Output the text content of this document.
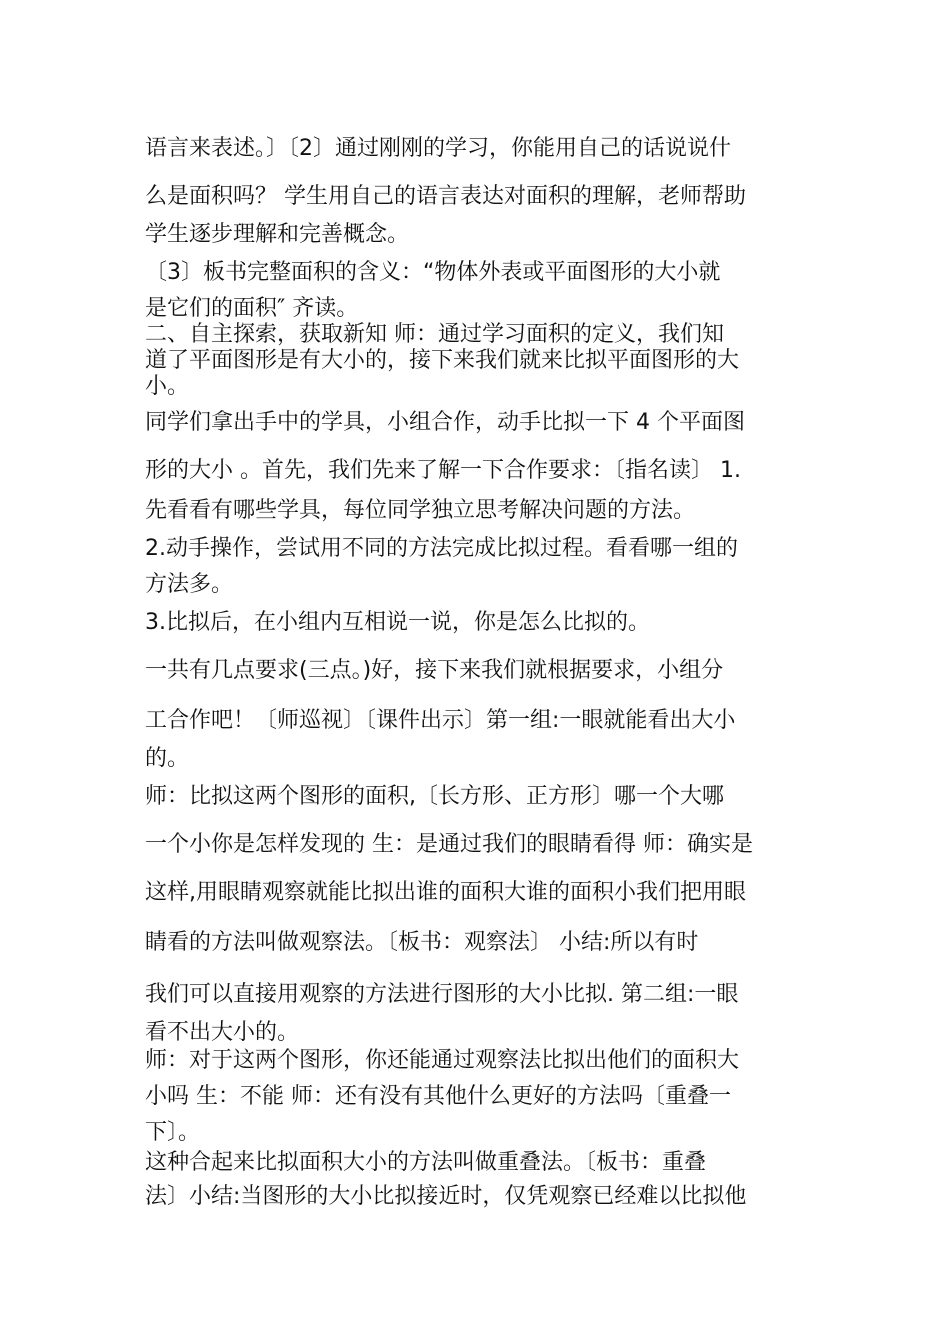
语言来表述。〕〔2〕通过刚刚的学习，你能用自己的话说说什

么是面积吗？ 学生用自己的语言表达对面积的理解，老师帮助

学生逐步理解和完善概念。

〔3〕板书完整面积的含义：“物体外表或平面图形的大小就

是它们的面积″ 齐读。

二、自主探索，获取新知 师：通过学习面积的定义，我们知

道了平面图形是有大小的，接下来我们就来比拟平面图形的大

小。

同学们拿出手中的学具，小组合作，动手比拟一下 4 个平面图

形的大小 。首先，我们先来了解一下合作要求：〔指名读〕 1.

先看看有哪些学具，每位同学独立思考解决问题的方法。

2.动手操作，尝试用不同的方法完成比拟过程。看看哪一组的

方法多。

3.比拟后，在小组内互相说一说，你是怎么比拟的。

一共有几点要求(三点。)好，接下来我们就根据要求，小组分

工合作吧！〔师巡视〕〔课件出示〕第一组:一眼就能看出大小

的。

师：比拟这两个图形的面积,〔长方形、正方形〕哪一个大哪

一个小你是怎样发现的 生：是通过我们的眼睛看得 师：确实是

这样,用眼睛观察就能比拟出谁的面积大谁的面积小我们把用眼

睛看的方法叫做观察法。〔板书：观察法〕 小结:所以有时

我们可以直接用观察的方法进行图形的大小比拟. 第二组:一眼

看不出大小的。

师：对于这两个图形，你还能通过观察法比拟出他们的面积大

小吗 生：不能 师：还有没有其他什么更好的方法吗〔重叠一

下〕。

这种合起来比拟面积大小的方法叫做重叠法。〔板书：重叠

法〕小结:当图形的大小比拟接近时，仅凭观察已经难以比拟他
